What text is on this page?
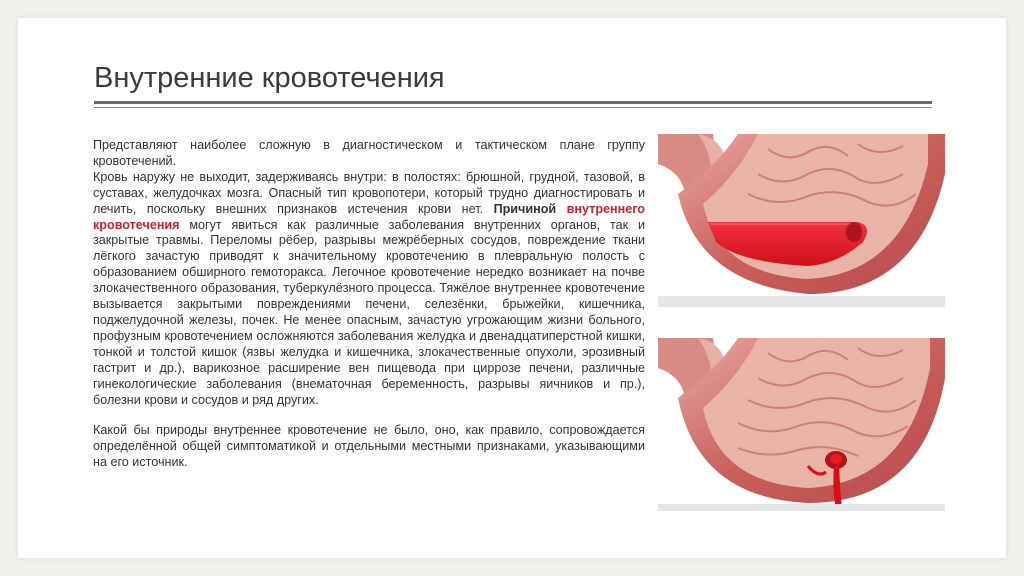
Внутренние кровотечения

Представляют наиболее сложную в диагностическом и тактическом плане группу кровотечений.

Кровь наружу не выходит, задерживаясь внутри: в полостях: брюшной, грудной, тазовой, в суставах, желудочках мозга. Опасный тип кровопотери, который трудно диагностировать и лечить, поскольку внешних признаков истечения крови нет. Причиной внутреннего кровотечения могут явиться как различные заболевания внутренних органов, так и закрытые травмы. Переломы рёбер, разрывы межрёберных сосудов, повреждение ткани лёгкого зачастую приводят к значительному кровотечению в плевральную полость с образованием обширного гемоторакса. Легочное кровотечение нередко возникает на почве злокачественного образования, туберкулёзного процесса. Тяжёлое внутреннее кровотечение вызывается закрытыми повреждениями печени, селезёнки, брыжейки, кишечника, поджелудочной железы, почек. Не менее опасным, зачастую угрожающим жизни больного, профузным кровотечением осложняются заболевания желудка и двенадцатиперстной кишки, тонкой и толстой кишок (язвы желудка и кишечника, злокачественные опухоли, эрозивный гастрит и др.), варикозное расширение вен пищевода при циррозе печени, различные гинекологические заболевания (внематочная беременность, разрывы яичников и пр.), болезни крови и сосудов и ряд других.

Какой бы природы внутреннее кровотечение не было, оно, как правило, сопровождается определённой общей симптоматикой и отдельными местными признаками, указывающими на его источник.
